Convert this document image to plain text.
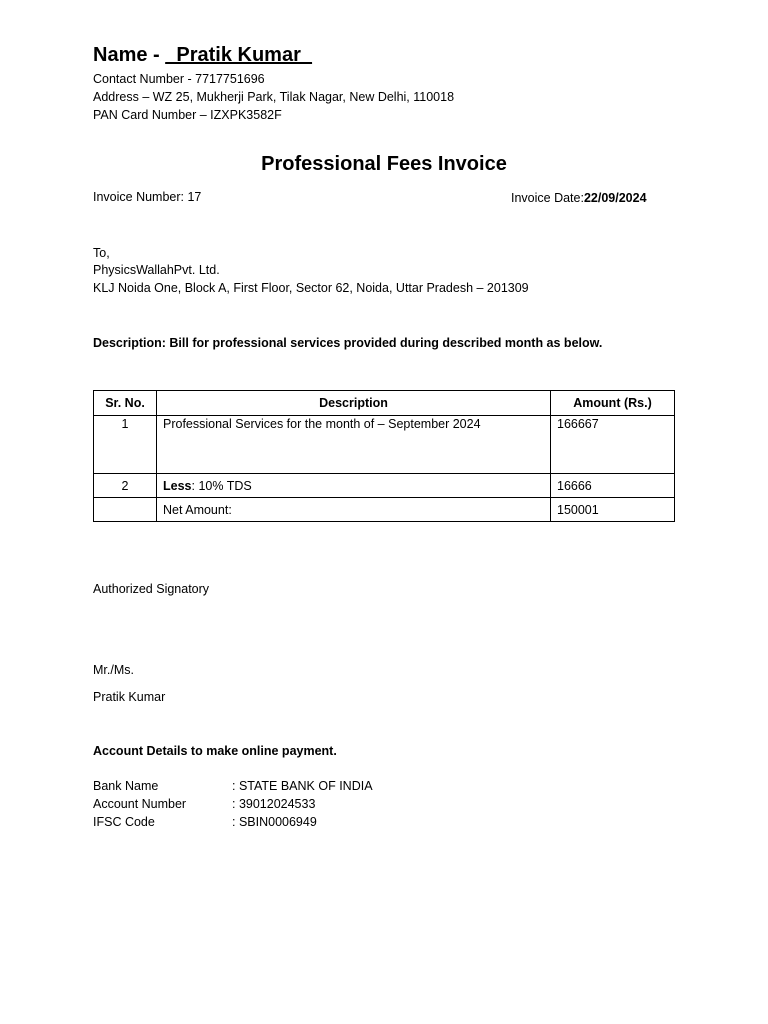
Name - _Pratik Kumar_
Contact Number - 7717751696
Address – WZ 25, Mukherji Park, Tilak Nagar, New Delhi, 110018
PAN Card Number – IZXPK3582F
Professional Fees Invoice
Invoice Number: 17	Invoice Date:22/09/2024
To,
PhysicsWallahPvt. Ltd.
KLJ Noida One, Block A, First Floor, Sector 62, Noida, Uttar Pradesh – 201309
Description: Bill for professional services provided during described month as below.
Sr. No.	Description	Amount (Rs.)
1	Professional Services for the month of – September 2024	166667
2	Less: 10% TDS	16666
	Net Amount:	150001
Authorized Signatory
Mr./Ms.
Pratik Kumar
Account Details to make online payment.
Bank Name	: STATE BANK OF INDIA
Account Number	: 39012024533
IFSC Code	: SBIN0006949
